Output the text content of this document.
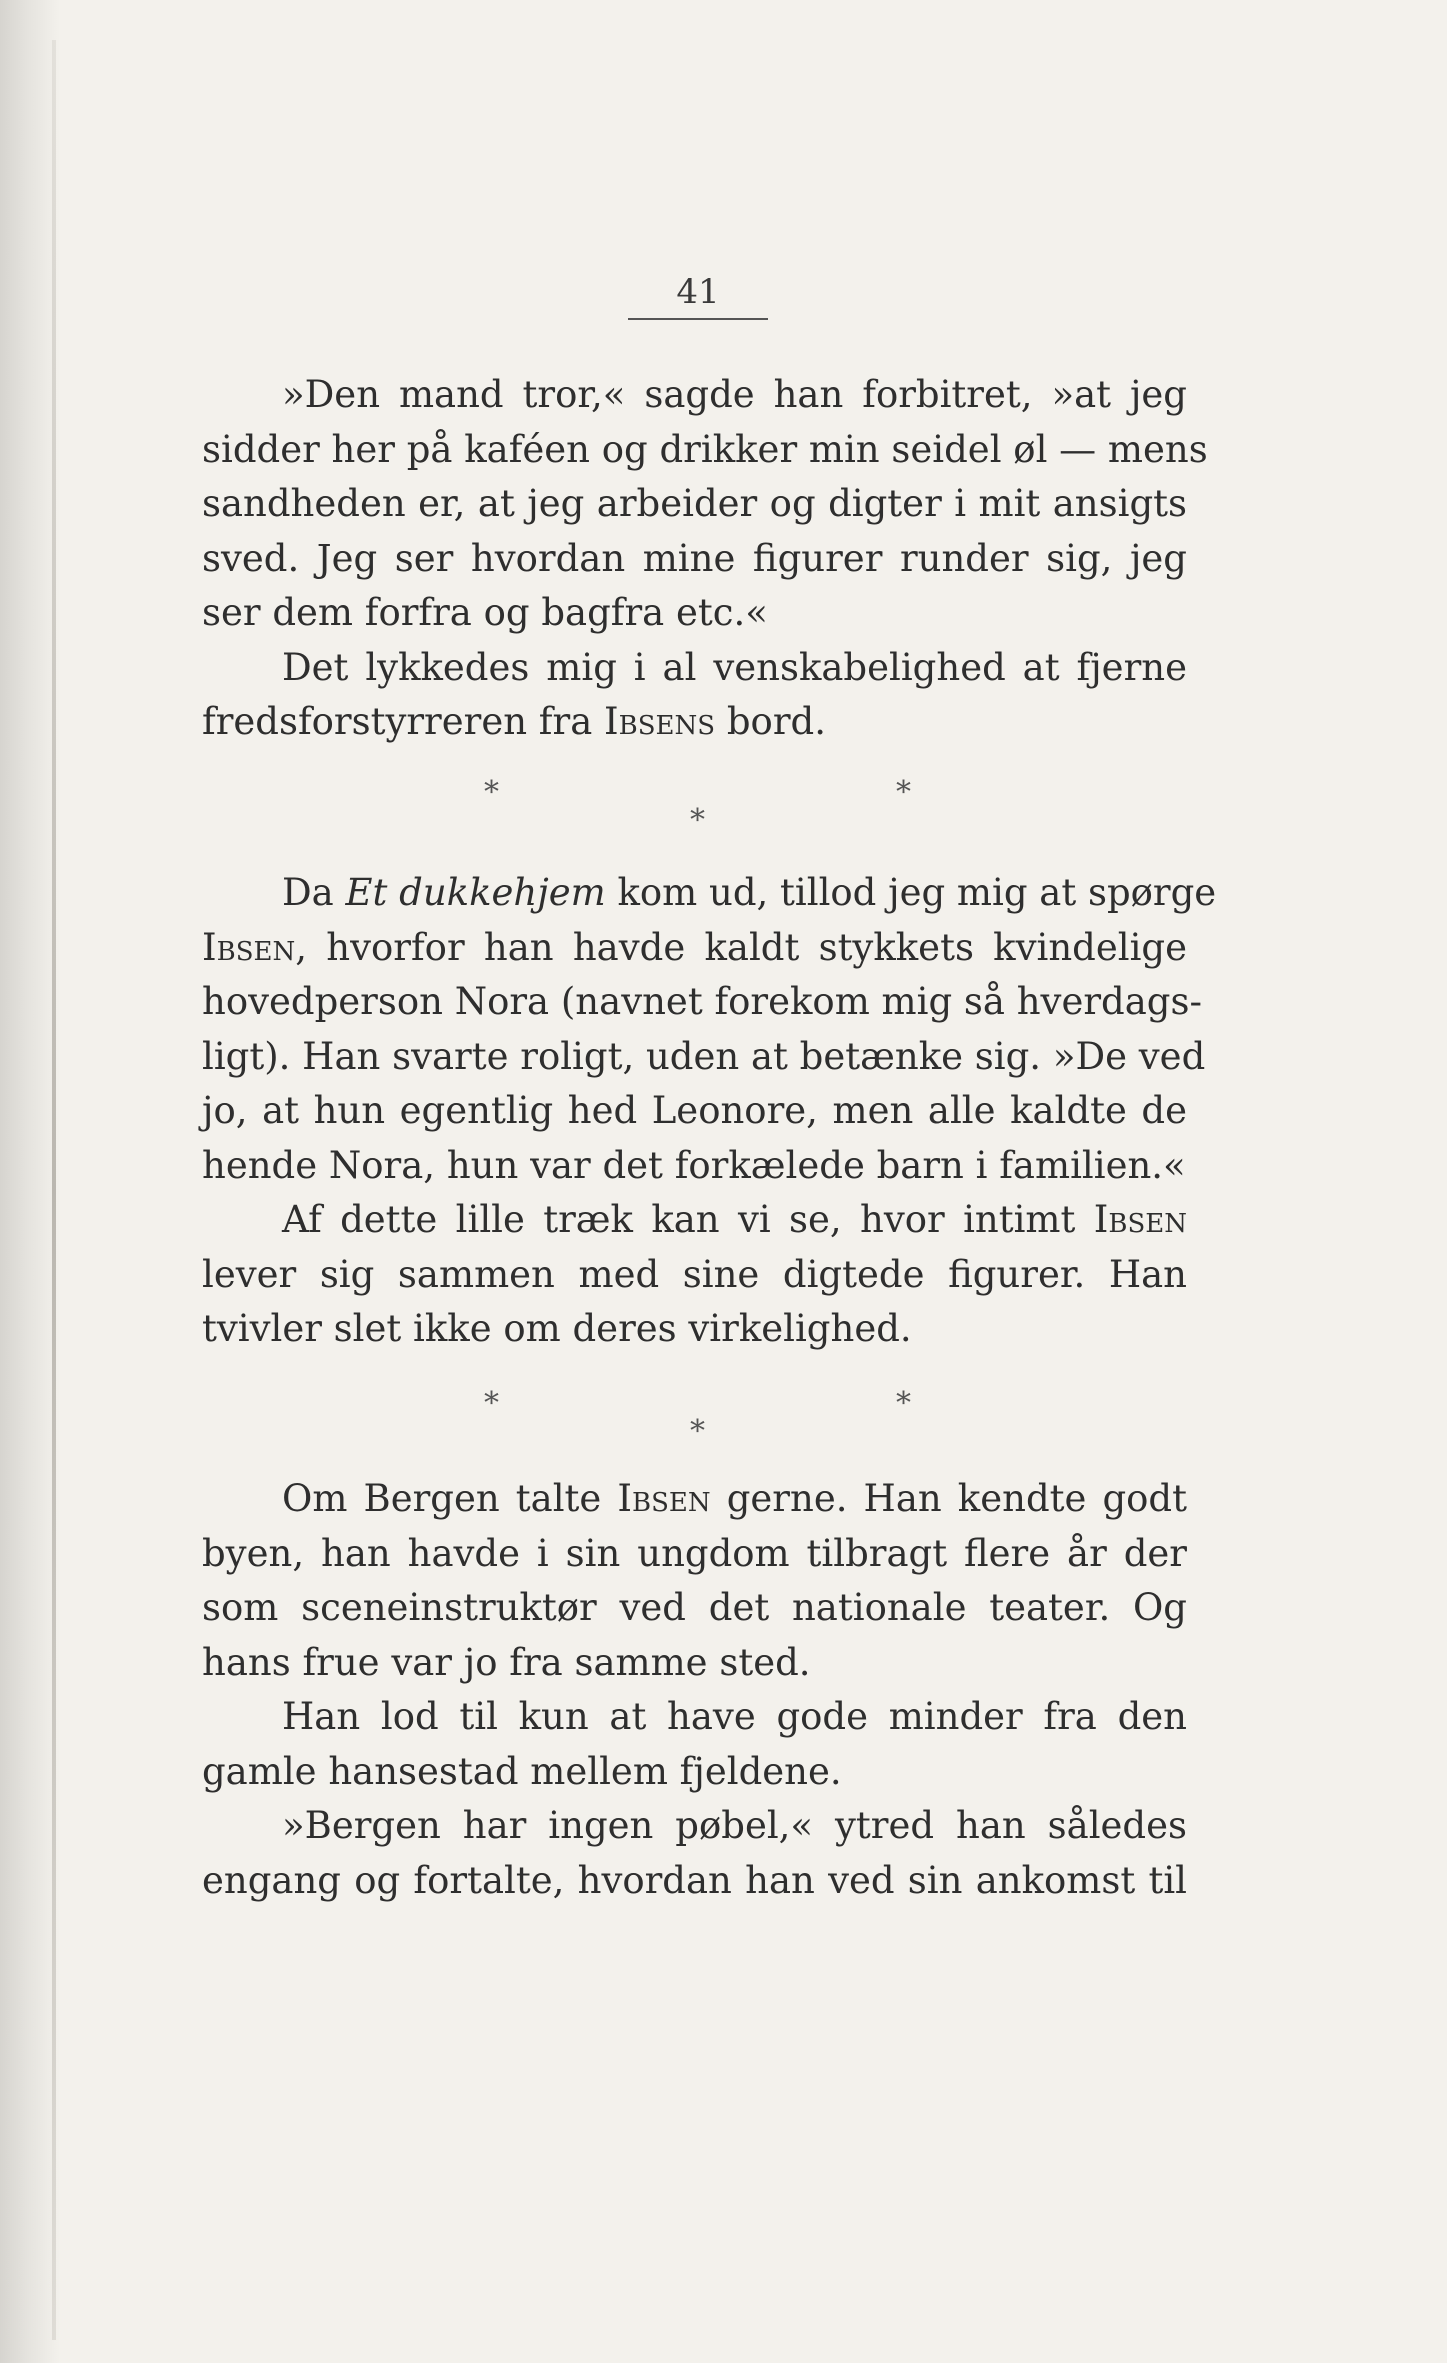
41
»Den mand tror,« sagde han forbitret, »at jeg
sidder her på kaféen og drikker min seidel øl — mens
sandheden er, at jeg arbeider og digter i mit ansigts
sved. Jeg ser hvordan mine figurer runder sig, jeg
ser dem forfra og bagfra etc.«
Det lykkedes mig i al venskabelighed at fjerne
fredsforstyrreren fra Ibsens bord.
*	*
*
Da Et dukkehjem kom ud, tillod jeg mig at spørge
Ibsen, hvorfor han havde kaldt stykkets kvindelige
hovedperson Nora (navnet forekom mig så hverdags-
ligt). Han svarte roligt, uden at betænke sig. »De ved
jo, at hun egentlig hed Leonore, men alle kaldte de
hende Nora, hun var det forkælede barn i familien.«
Af dette lille træk kan vi se, hvor intimt Ibsen
lever sig sammen med sine digtede figurer. Han
tvivler slet ikke om deres virkelighed.
*	*
*
Om Bergen talte Ibsen gerne. Han kendte godt
byen, han havde i sin ungdom tilbragt flere år der
som sceneinstruktør ved det nationale teater. Og
hans frue var jo fra samme sted.
Han lod til kun at have gode minder fra den
gamle hansestad mellem fjeldene.
»Bergen har ingen pøbel,« ytred han således
engang og fortalte, hvordan han ved sin ankomst til
